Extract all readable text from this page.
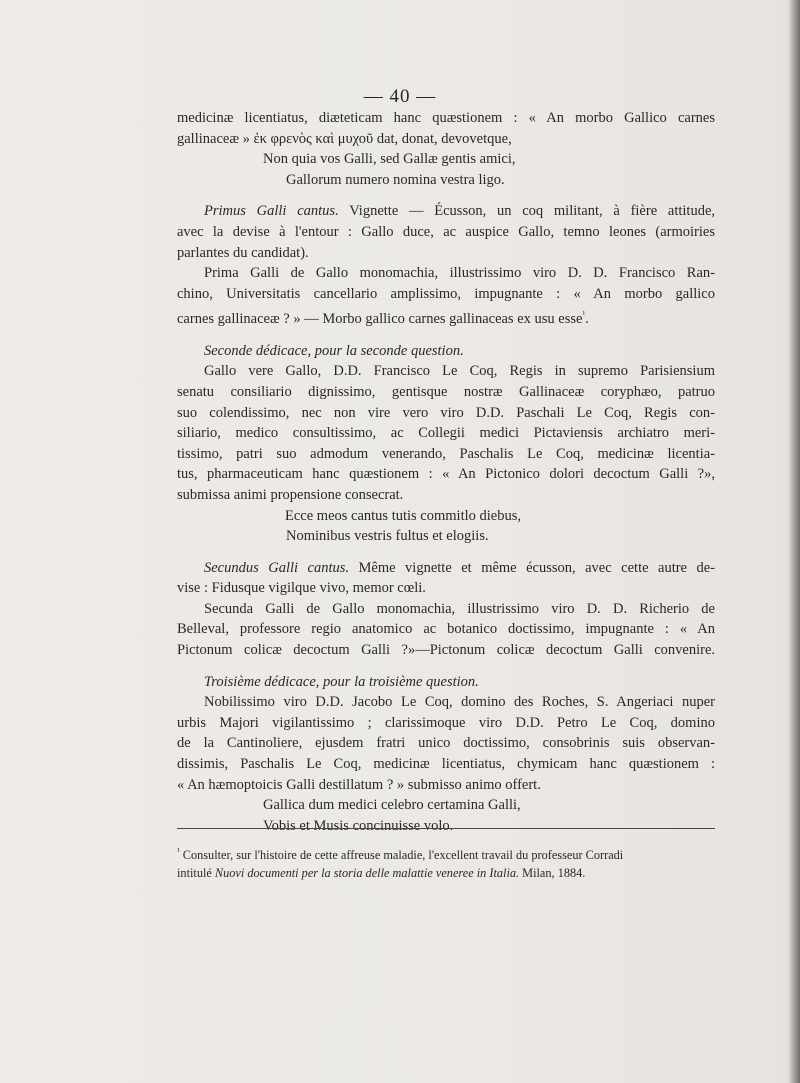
— 40 —

medicinæ licentiatus, diæteticam hanc quæstionem : « An morbo Gallico carnes

gallinaceæ » ἐκ φρενὸς καὶ μυχοῦ dat, donat, devovetque,

Non quia vos Galli, sed Gallæ gentis amici,

Gallorum numero nomina vestra ligo.

Primus Galli cantus. Vignette — Écusson, un coq militant, à fière attitude,

avec la devise à l'entour : Gallo duce, ac auspice Gallo, temno leones (armoiries

parlantes du candidat).

Prima Galli de Gallo monomachia, illustrissimo viro D. D. Francisco Ran-

chino, Universitatis cancellario amplissimo, impugnante : « An morbo gallico

carnes gallinaceæ ? » — Morbo gallico carnes gallinaceas ex usu esse$^{^1}$.

Seconde dédicace, pour la seconde question.

Gallo vere Gallo, D.D. Francisco Le Coq, Regis in supremo Parisiensium

senatu consiliario dignissimo, gentisque nostræ Gallinaceæ coryphæo, patruo

suo colendissimo, nec non vire vero viro D.D. Paschali Le Coq, Regis con-

siliario, medico consultissimo, ac Collegii medici Pictaviensis archiatro meri-

tissimo, patri suo admodum venerando, Paschalis Le Coq, medicinæ licentia-

tus, pharmaceuticam hanc quæstionem : « An Pictonico dolori decoctum Galli ?»,

submissa animi propensione consecrat.

Ecce meos cantus tutis commitlo diebus,

Nominibus vestris fultus et elogiis.

Secundus Galli cantus. Même vignette et même écusson, avec cette autre de-

vise : Fidusque vigilque vivo, memor cœli.

Secunda Galli de Gallo monomachia, illustrissimo viro D. D. Richerio de

Belleval, professore regio anatomico ac botanico doctissimo, impugnante : « An

Pictonum colicæ decoctum Galli ?»—Pictonum colicæ decoctum Galli convenire.

Troisième dédicace, pour la troisième question.

Nobilissimo viro D.D. Jacobo Le Coq, domino des Roches, S. Angeriaci nuper

urbis Majori vigilantissimo ; clarissimoque viro D.D. Petro Le Coq, domino

de la Cantinoliere, ejusdem fratri unico doctissimo, consobrinis suis observan-

dissimis, Paschalis Le Coq, medicinæ licentiatus, chymicam hanc quæstionem :

« An hæmoptoicis Galli destillatum ? » submisso animo offert.

Gallica dum medici celebro certamina Galli,

Vobis et Musis concinuisse volo.

$^{^1}$ Consulter, sur l'histoire de cette affreuse maladie, l'excellent travail du professeur Corradi

intitulé Nuovi documenti per la storia delle malattie veneree in Italia. Milan, 1884.
